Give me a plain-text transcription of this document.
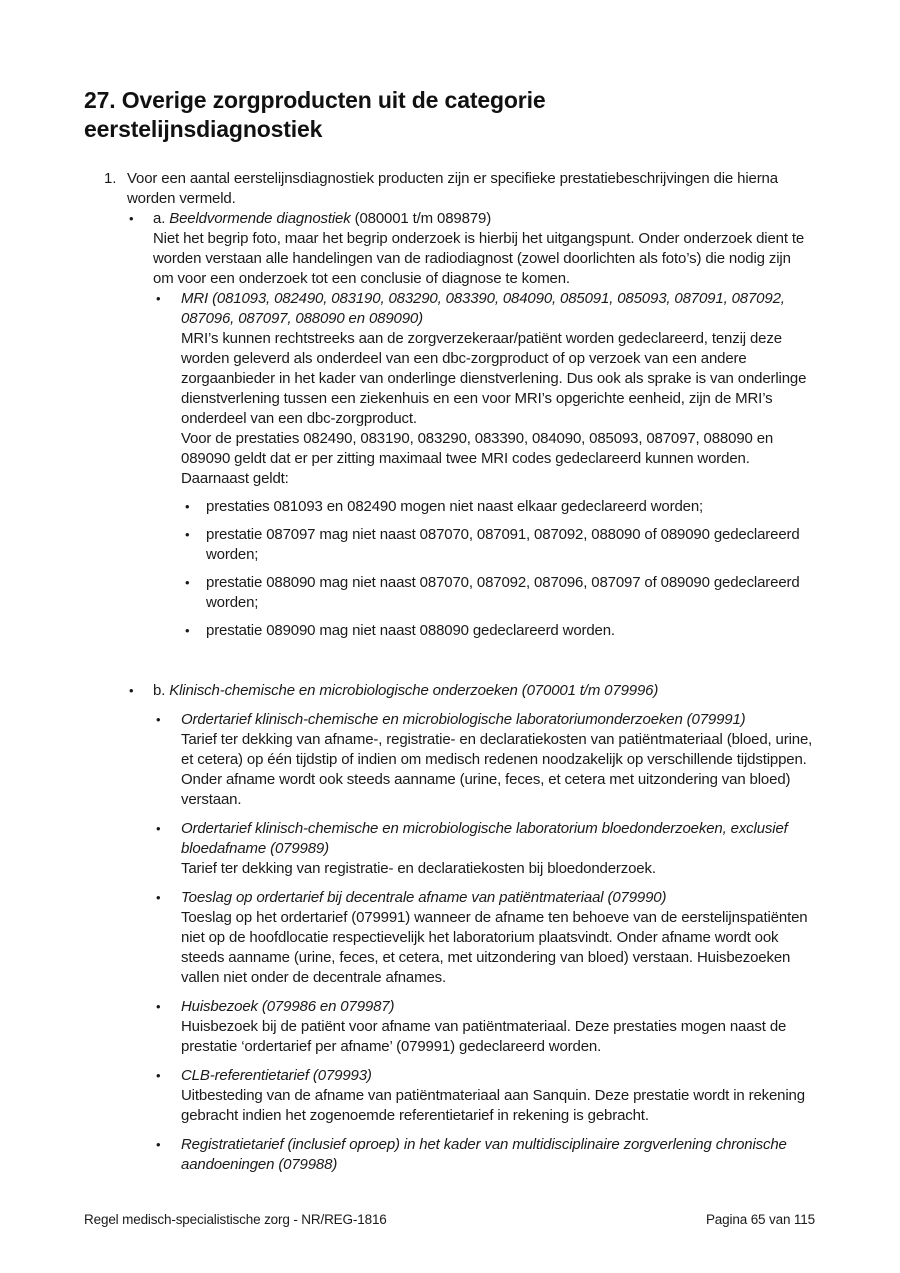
27. Overige zorgproducten uit de categorie
eerstelijnsdiagnostiek
1. Voor een aantal eerstelijnsdiagnostiek producten zijn er specifieke prestatiebeschrijvingen die hierna worden vermeld.

•	a. Beeldvormende diagnostiek (080001 t/m 089879)

Niet het begrip foto, maar het begrip onderzoek is hierbij het uitgangspunt. Onder onderzoek dient te worden verstaan alle handelingen van de radiodiagnost (zowel doorlichten als foto’s) die nodig zijn om voor een onderzoek tot een conclusie of diagnose te komen.

•	MRI (081093, 082490, 083190, 083290, 083390, 084090, 085091, 085093, 087091, 087092, 087096, 087097, 088090 en 089090)

MRI’s kunnen rechtstreeks aan de zorgverzekeraar/patiënt worden gedeclareerd, tenzij deze worden geleverd als onderdeel van een dbc-zorgproduct of op verzoek van een andere zorgaanbieder in het kader van onderlinge dienstverlening. Dus ook als sprake is van onderlinge dienstverlening tussen een ziekenhuis en een voor MRI’s opgerichte eenheid, zijn de MRI’s onderdeel van een dbc-zorgproduct.

Voor de prestaties 082490, 083190, 083290, 083390, 084090, 085093, 087097, 088090 en 089090 geldt dat er per zitting maximaal twee MRI codes gedeclareerd kunnen worden.

Daarnaast geldt:

•	prestaties 081093 en 082490 mogen niet naast elkaar gedeclareerd worden;
•	prestatie 087097 mag niet naast 087070, 087091, 087092, 088090 of 089090 gedeclareerd worden;
•	prestatie 088090 mag niet naast 087070, 087092, 087096, 087097 of 089090 gedeclareerd worden;
•	prestatie 089090 mag niet naast 088090 gedeclareerd worden.
•	b. Klinisch-chemische en microbiologische onderzoeken (070001 t/m 079996)
•	Ordertarief klinisch-chemische en microbiologische laboratoriumonderzoeken (079991)

Tarief ter dekking van afname-, registratie- en declaratiekosten van patiëntmateriaal (bloed, urine, et cetera) op één tijdstip of indien om medisch redenen noodzakelijk op verschillende tijdstippen. Onder afname wordt ook steeds aanname (urine, feces, et cetera met uitzondering van bloed) verstaan.

•	Ordertarief klinisch-chemische en microbiologische laboratorium bloedonderzoeken, exclusief bloedafname (079989)

Tarief ter dekking van registratie- en declaratiekosten bij bloedonderzoek.

•	Toeslag op ordertarief bij decentrale afname van patiëntmateriaal (079990)

Toeslag op het ordertarief (079991) wanneer de afname ten behoeve van de eerstelijnspatiënten niet op de hoofdlocatie respectievelijk het laboratorium plaatsvindt. Onder afname wordt ook steeds aanname (urine, feces, et cetera, met uitzondering van bloed) verstaan. Huisbezoeken vallen niet onder de decentrale afnames.

•	Huisbezoek (079986 en 079987)

Huisbezoek bij de patiënt voor afname van patiëntmateriaal. Deze prestaties mogen naast de prestatie ‘ordertarief per afname’ (079991) gedeclareerd worden.

•	CLB-referentietarief (079993)

Uitbesteding van de afname van patiëntmateriaal aan Sanquin. Deze prestatie wordt in rekening gebracht indien het zogenoemde referentietarief in rekening is gebracht.

•	Registratietarief (inclusief oproep) in het kader van multidisciplinaire zorgverlening chronische aandoeningen (079988)
Regel medisch-specialistische zorg - NR/REG-1816	Pagina 65 van 115
